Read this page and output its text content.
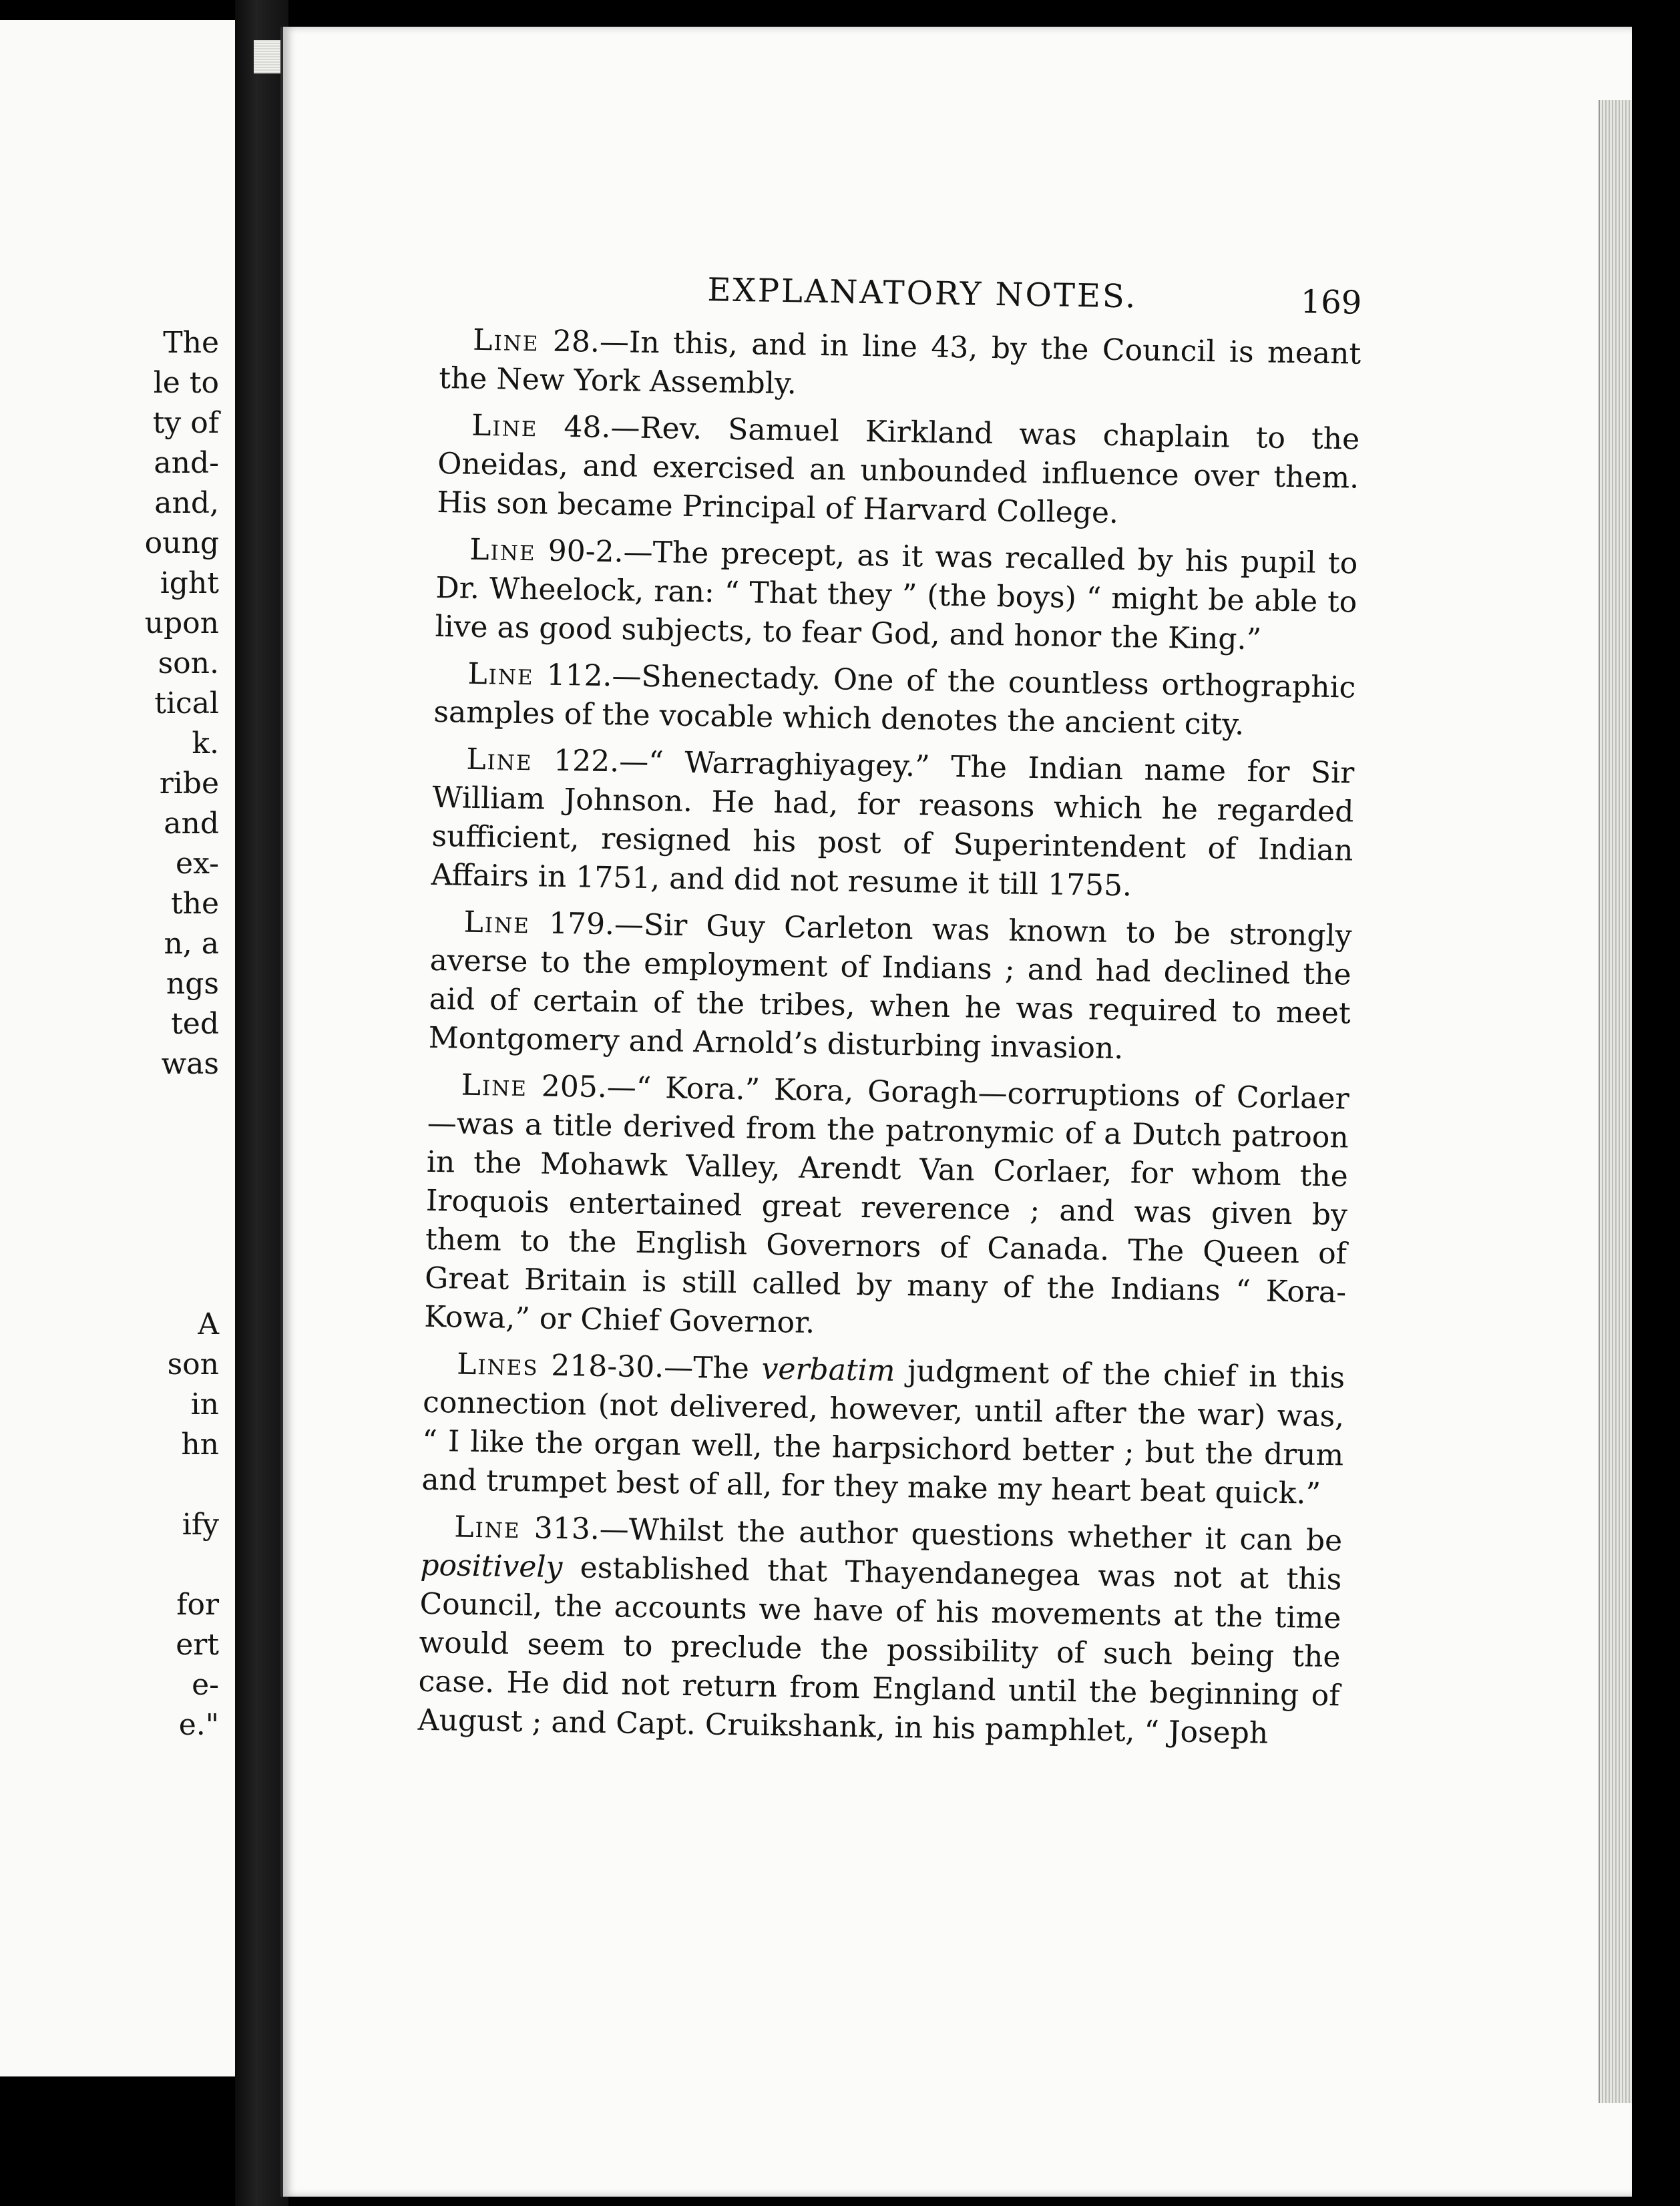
The
le to
ty of
and-
and,
oung
ight
upon
son.
tical
k.
ribe
and
ex-
the
n, a
ngs
ted
was
A
son
in
hn
ify
for
ert
e-
e."
EXPLANATORY NOTES.	169

Line 28.—In this, and in line 43, by the Council is meant the New York Assembly.

Line 48.—Rev. Samuel Kirkland was chaplain to the Oneidas, and exercised an unbounded influence over them. His son became Principal of Harvard College.

Line 90-2.—The precept, as it was recalled by his pupil to Dr. Wheelock, ran: “ That they ” (the boys) “ might be able to live as good subjects, to fear God, and honor the King.”

Line 112.—Shenectady. One of the countless orthographic samples of the vocable which denotes the ancient city.

Line 122.—“ Warraghiyagey.” The Indian name for Sir William Johnson. He had, for reasons which he regarded sufficient, resigned his post of Superintendent of Indian Affairs in 1751, and did not resume it till 1755.

Line 179.—Sir Guy Carleton was known to be strongly averse to the employment of Indians ; and had declined the aid of certain of the tribes, when he was required to meet Montgomery and Arnold’s disturbing invasion.

Line 205.—“ Kora.” Kora, Goragh—corruptions of Corlaer—was a title derived from the patronymic of a Dutch patroon in the Mohawk Valley, Arendt Van Corlaer, for whom the Iroquois entertained great reverence ; and was given by them to the English Governors of Canada. The Queen of Great Britain is still called by many of the Indians “ Kora-Kowa,” or Chief Governor.

Lines 218-30.—The verbatim judgment of the chief in this connection (not delivered, however, until after the war) was, “ I like the organ well, the harpsichord better ; but the drum and trumpet best of all, for they make my heart beat quick.”

Line 313.—Whilst the author questions whether it can be positively established that Thayendanegea was not at this Council, the accounts we have of his movements at the time would seem to preclude the possibility of such being the case. He did not return from England until the beginning of August ; and Capt. Cruikshank, in his pamphlet, “ Joseph
